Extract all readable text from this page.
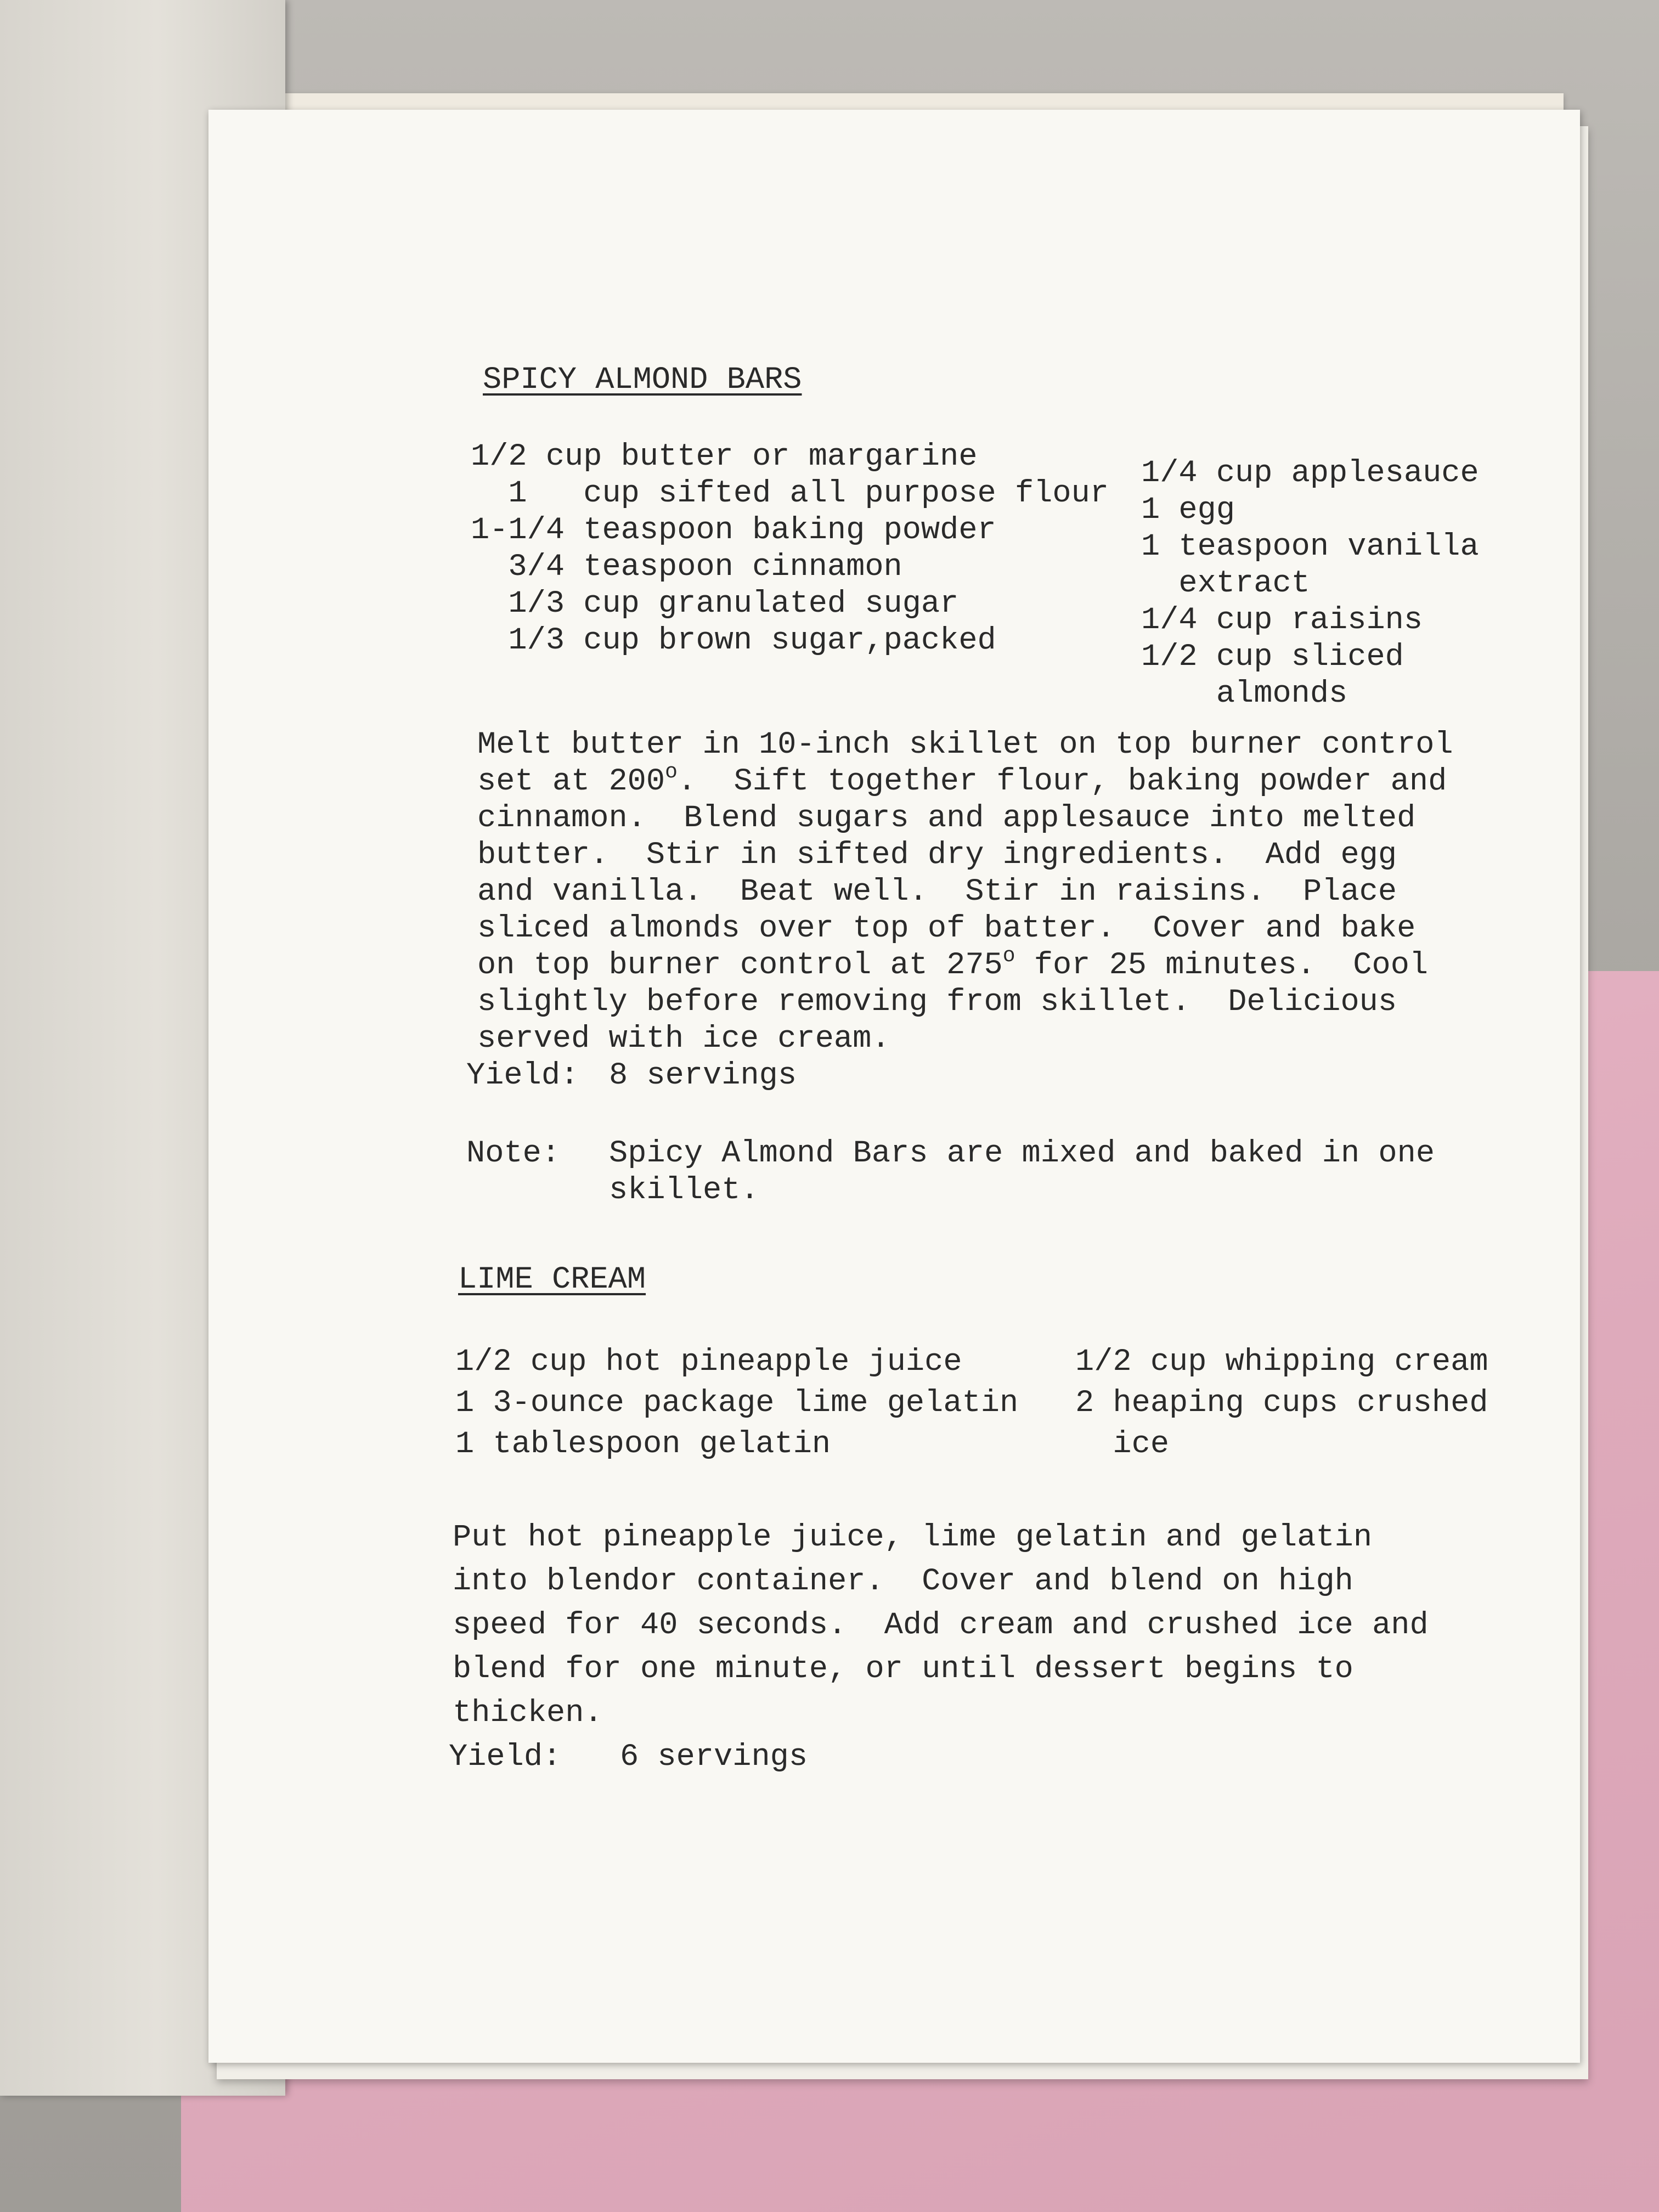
SPICY ALMOND BARS

1/2 cup butter or margarine

1   cup sifted all purpose flour

1-1/4 teaspoon baking powder

3/4 teaspoon cinnamon

1/3 cup granulated sugar

1/3 cup brown sugar,packed

1/4 cup applesauce

1 egg

1 teaspoon vanilla

extract

1/4 cup raisins

1/2 cup sliced

almonds

Melt butter in 10-inch skillet on top burner control

set at 200$^o$.  Sift together flour, baking powder and

cinnamon.  Blend sugars and applesauce into melted

butter.  Stir in sifted dry ingredients.  Add egg

and vanilla.  Beat well.  Stir in raisins.  Place

sliced almonds over top of batter.  Cover and bake

on top burner control at 275$^o$ for 25 minutes.  Cool

slightly before removing from skillet.  Delicious

served with ice cream.

Yield:

8 servings

Note:

Spicy Almond Bars are mixed and baked in one

skillet.

LIME CREAM

1/2 cup hot pineapple juice

1 3-ounce package lime gelatin

1 tablespoon gelatin

1/2 cup whipping cream

2 heaping cups crushed

ice

Put hot pineapple juice, lime gelatin and gelatin

into blendor container.  Cover and blend on high

speed for 40 seconds.  Add cream and crushed ice and

blend for one minute, or until dessert begins to

thicken.

Yield:

6 servings
